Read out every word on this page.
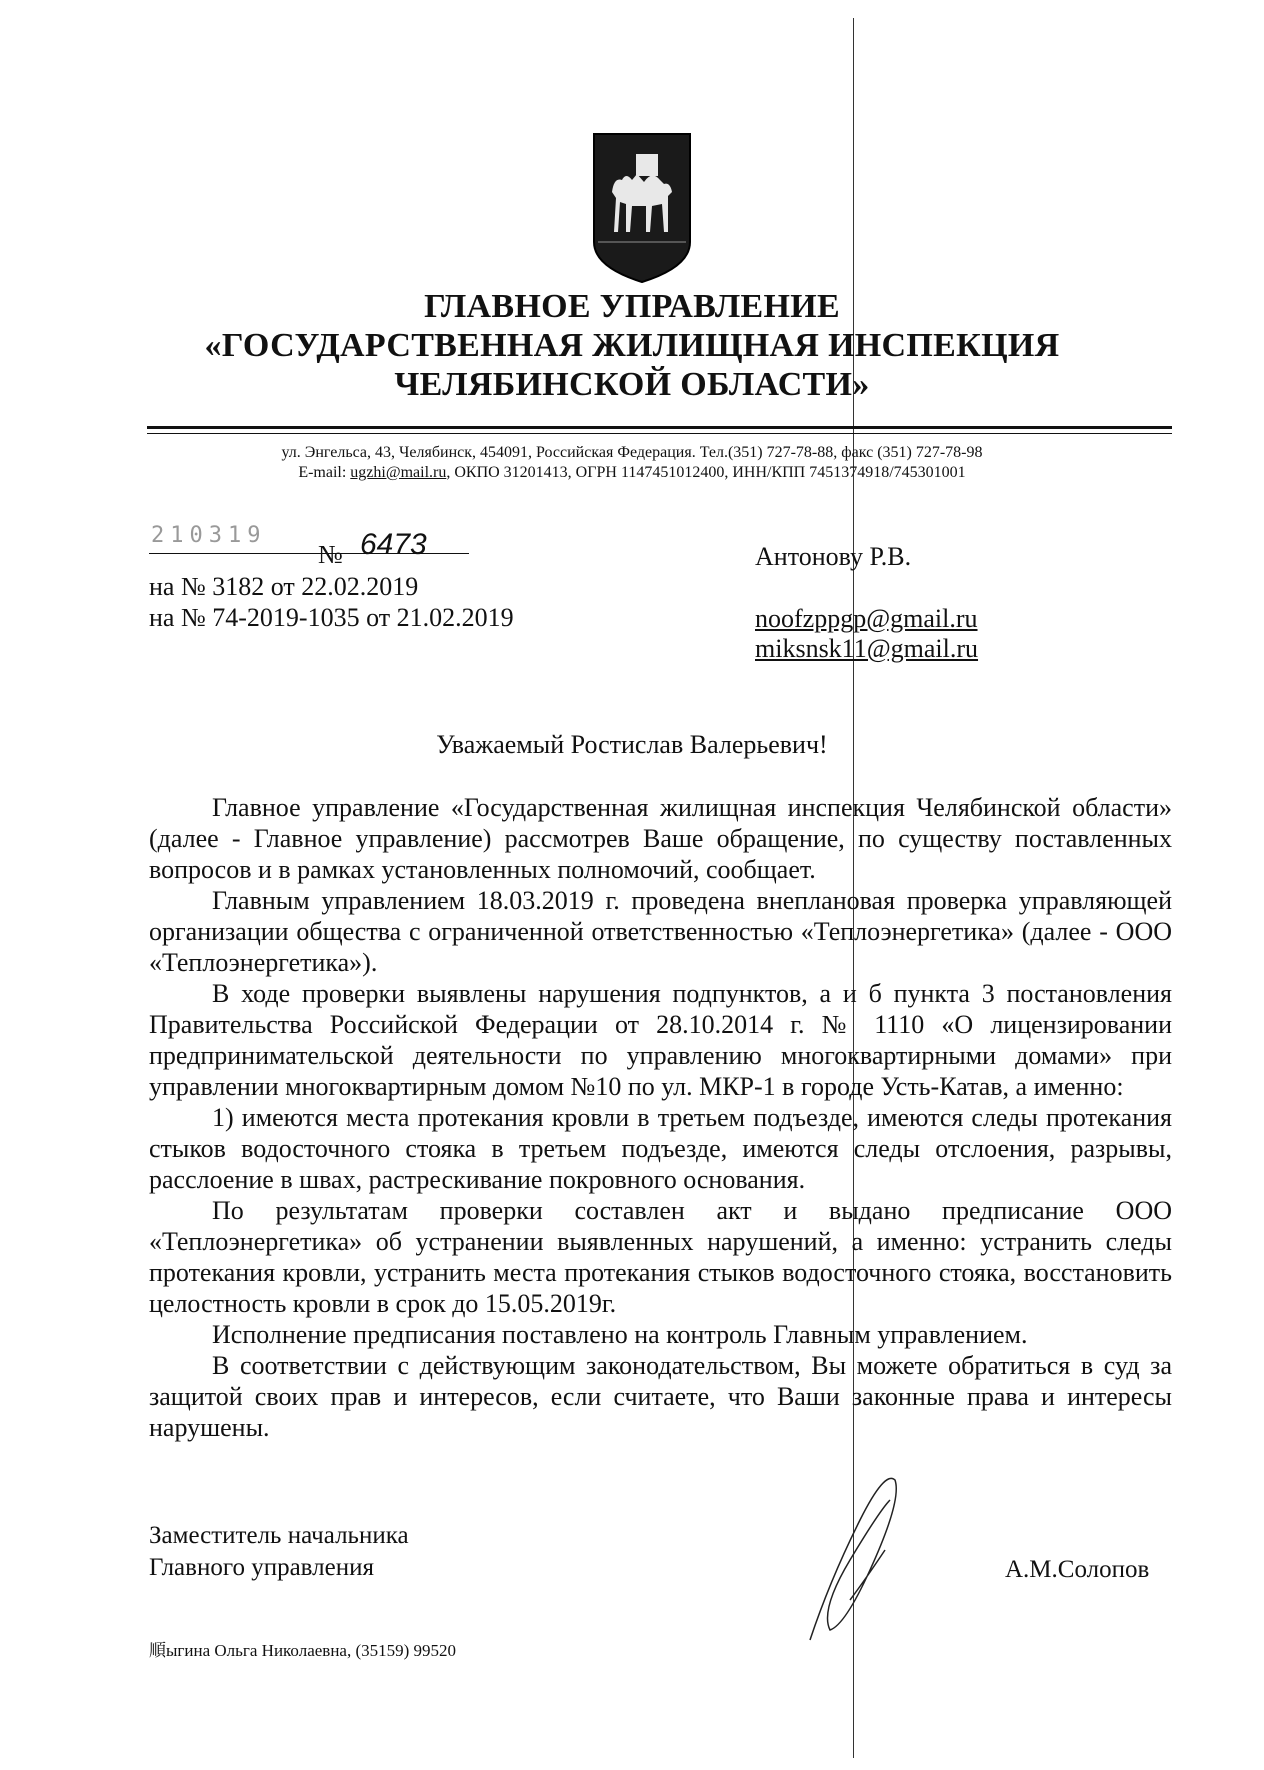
ГЛАВНОЕ УПРАВЛЕНИЕ
«ГОСУДАРСТВЕННАЯ ЖИЛИЩНАЯ ИНСПЕКЦИЯ
ЧЕЛЯБИНСКОЙ ОБЛАСТИ»
ул. Энгельса, 43, Челябинск, 454091, Российская Федерация. Тел.(351) 727-78-88, факс (351) 727-78-98
E-mail: ugzhi@mail.ru, ОКПО 31201413, ОГРН 1147451012400, ИНН/КПП 7451374918/745301001
210319
№ 6473
на № 3182 от 22.02.2019
на № 74-2019-1035 от 21.02.2019
Антонову Р.В.
noofzppgp@gmail.ru
miksnsk11@gmail.ru
Уважаемый Ростислав Валерьевич!

Главное управление «Государственная жилищная инспекция Челябинской области» (далее - Главное управление) рассмотрев Ваше обращение, по существу поставленных вопросов и в рамках установленных полномочий, сообщает.

Главным управлением 18.03.2019 г. проведена внеплановая проверка управляющей организации общества с ограниченной ответственностью «Теплоэнергетика» (далее - ООО «Теплоэнергетика»).

В ходе проверки выявлены нарушения подпунктов, а и б пункта 3 постановления Правительства Российской Федерации от 28.10.2014 г. № 1110 «О лицензировании предпринимательской деятельности по управлению многоквартирными домами» при управлении многоквартирным домом №10 по ул. МКР-1 в городе Усть-Катав, а именно:

1) имеются места протекания кровли в третьем подъезде, имеются следы протекания стыков водосточного стояка в третьем подъезде, имеются следы отслоения, разрывы, расслоение в швах, растрескивание покровного основания.

По результатам проверки составлен акт и выдано предписание ООО «Теплоэнергетика» об устранении выявленных нарушений, а именно: устранить следы протекания кровли, устранить места протекания стыков водосточного стояка, восстановить целостность кровли в срок до 15.05.2019г.

Исполнение предписания поставлено на контроль Главным управлением.

В соответствии с действующим законодательством, Вы можете обратиться в суд за защитой своих прав и интересов, если считаете, что Ваши законные права и интересы нарушены.

Заместитель начальника
Главного управления	А.М.Солопов
順ыгина Ольга Николаевна, (35159) 99520
